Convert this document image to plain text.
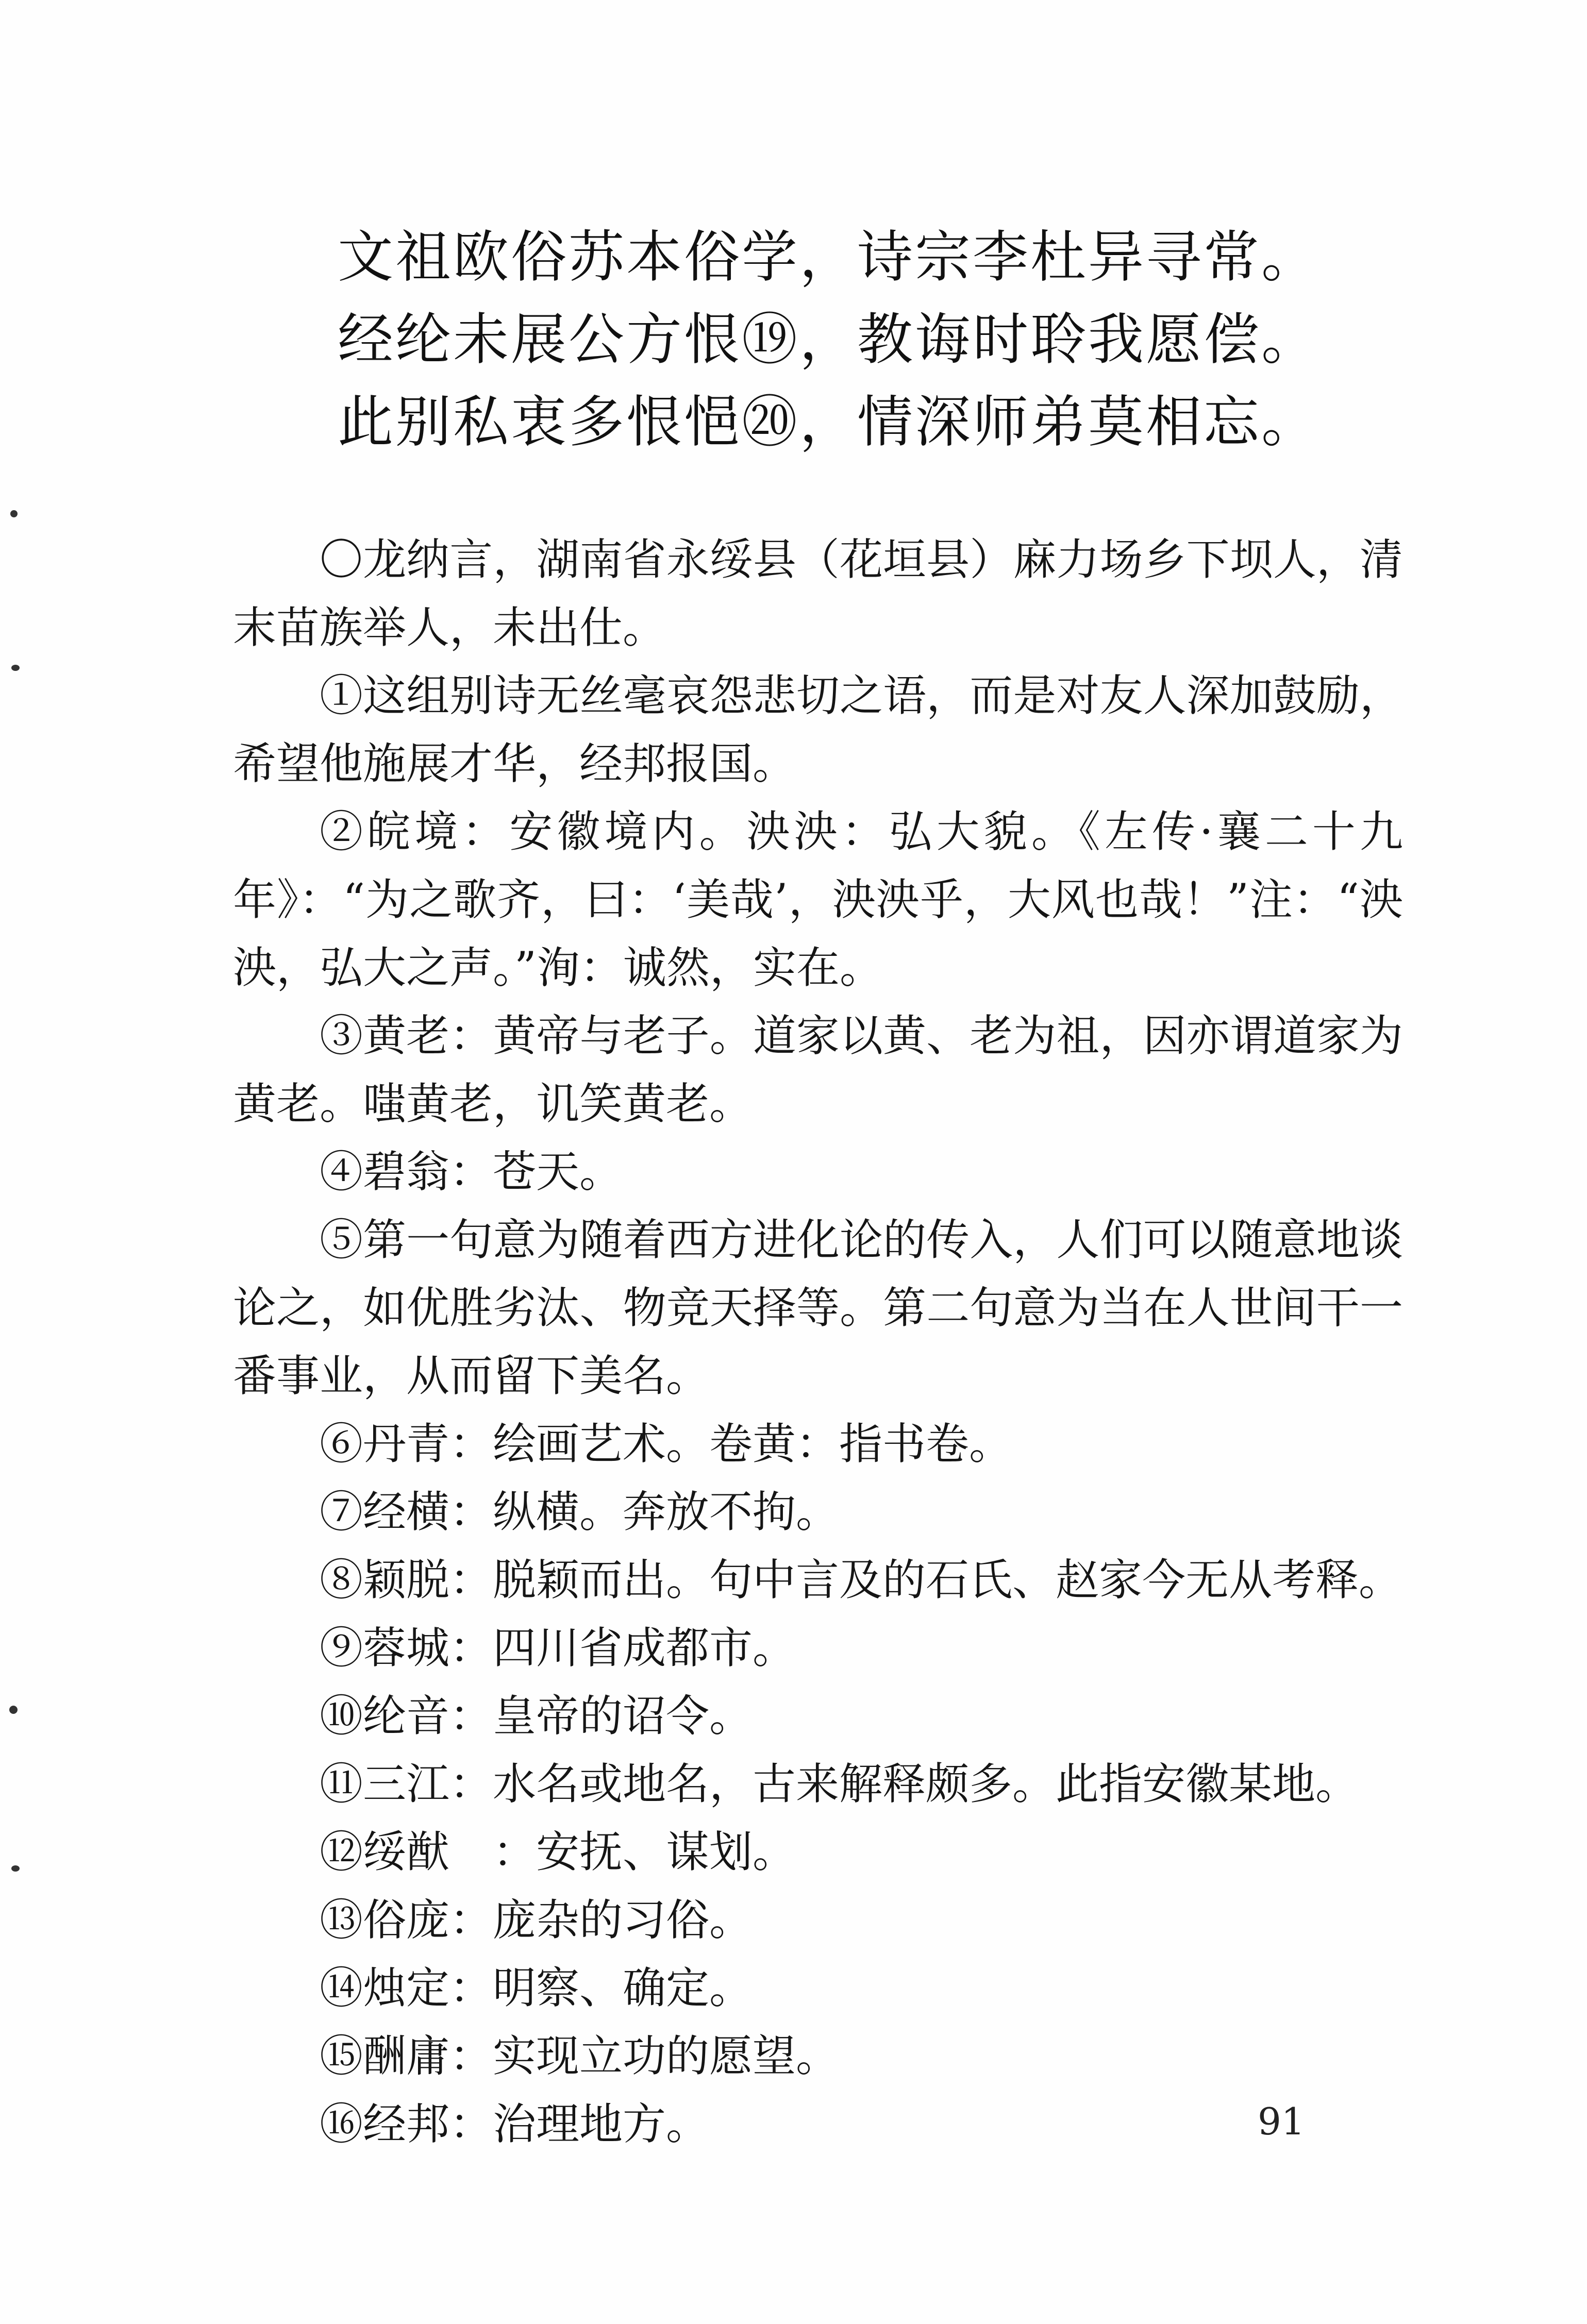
文祖欧俗苏本俗学，诗宗李杜异寻常。
经纶未展公方恨⑲，教诲时聆我愿偿。
此别私衷多恨悒⑳，情深师弟莫相忘。

〇龙纳言，湖南省永绥县（花垣县）麻力场乡下坝人，清末苗族举人，未出仕。

①这组别诗无丝毫哀怨悲切之语，而是对友人深加鼓励，希望他施展才华，经邦报国。

②皖境：安徽境内。泱泱：弘大貌。《左传·襄二十九年》：“为之歌齐，曰：‘美哉’，泱泱乎，大风也哉！”注：“泱泱，弘大之声。”洵：诚然，实在。

③黄老：黄帝与老子。道家以黄、老为祖，因亦谓道家为黄老。嗤黄老，讥笑黄老。

④碧翁：苍天。

⑤第一句意为随着西方进化论的传入，人们可以随意地谈论之，如优胜劣汰、物竞天择等。第二句意为当在人世间干一番事业，从而留下美名。

⑥丹青：绘画艺术。卷黄：指书卷。

⑦经横：纵横。奔放不拘。

⑧颖脱：脱颖而出。句中言及的石氏、赵家今无从考释。

⑨蓉城：四川省成都市。

⑩纶音：皇帝的诏令。

⑪三江：水名或地名，古来解释颇多。此指安徽某地。

⑫绥猷　：安抚、谋划。

⑬俗庞：庞杂的习俗。

⑭烛定：明察、确定。

⑮酬庸：实现立功的愿望。

⑯经邦：治理地方。	91
